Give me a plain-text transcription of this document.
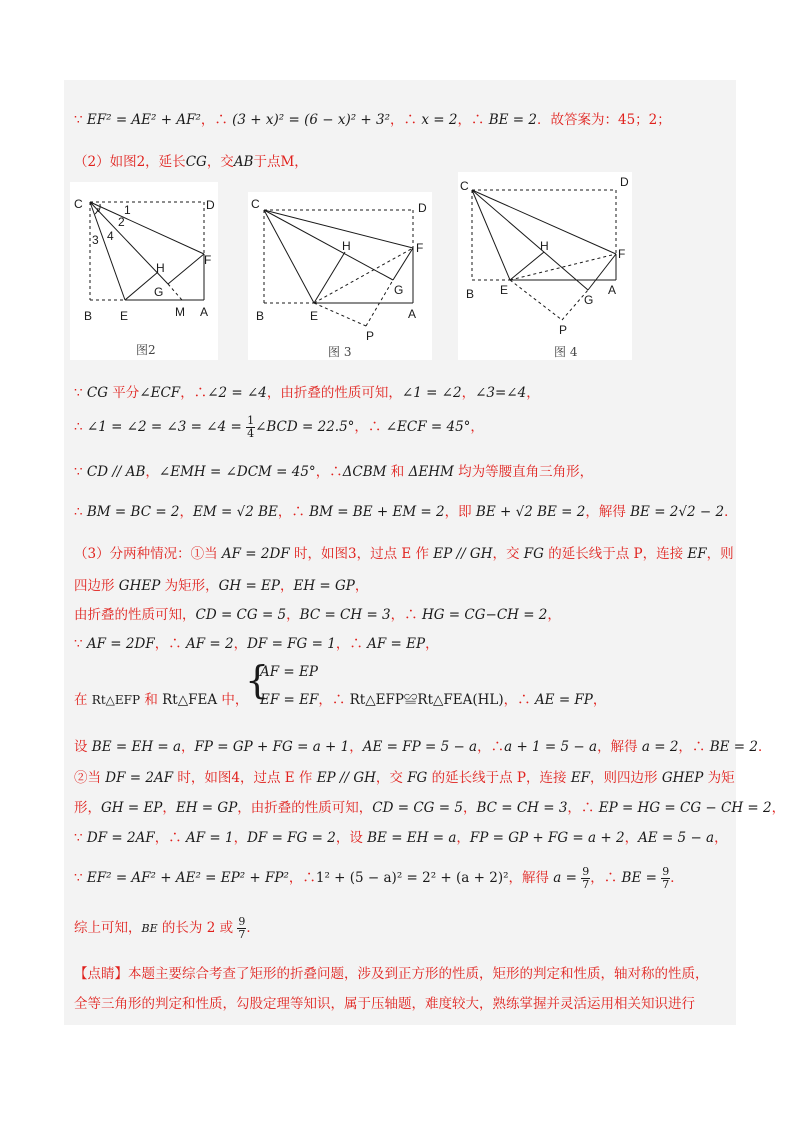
∵ EF² = AE² + AF²，∴ (3 + x)² = (6 − x)² + 3²，∴ x = 2，∴ BE = 2．故答案为：45；2；
（2）如图2，延长CG，交AB于点M，
C	D
B E	M A
F
H
G
1
2
3 4
图2
C	D
B	E	A
F
H
G
P
图 3
C	D
B E	A
F
H
G
P
图 4
∵ CG 平分∠ECF，∴∠2 = ∠4，由折叠的性质可知，∠1 = ∠2，∠3=∠4，
∴ ∠1 = ∠2 = ∠3 = ∠4 = $\frac{1}{4}$ ∠BCD = 22.5°，∴ ∠ECF = 45°，
∵ CD // AB，∠EMH = ∠DCM = 45°，∴ΔCBM 和 ΔEHM 均为等腰直角三角形，
∴ BM = BC = 2，EM = √2 BE，∴ BM = BE + EM = 2，即 BE + √2 BE = 2，解得 BE = 2√2 − 2．
（3）分两种情况：①当 AF = 2DF 时，如图3，过点 E 作 EP // GH，交 FG 的延长线于点 P，连接 EF，则
四边形 GHEP 为矩形，GH = EP，EH = GP，
由折叠的性质可知，CD = CG = 5，BC = CH = 3，∴ HG = CG−CH = 2，
∵ AF = 2DF，∴ AF = 2，DF = FG = 1，∴ AF = EP，
{
AF = EP
在 Rt△EFP 和 Rt△FEA 中， EF = EF，∴ Rt△EFP≌Rt△FEA(HL)，∴ AE = FP，
设 BE = EH = a，FP = GP + FG = a + 1，AE = FP = 5 − a，∴a + 1 = 5 − a，解得 a = 2，∴ BE = 2．
②当 DF = 2AF 时，如图4，过点 E 作 EP // GH，交 FG 的延长线于点 P，连接 EF，则四边形 GHEP 为矩
形，GH = EP，EH = GP，由折叠的性质可知，CD = CG = 5，BC = CH = 3，∴ EP = HG = CG − CH = 2，
∵ DF = 2AF，∴ AF = 1，DF = FG = 2，设 BE = EH = a，FP = GP + FG = a + 2，AE = 5 − a，
∵ EF² = AF² + AE² = EP² + FP²，∴1² + (5 − a)² = 2² + (a + 2)²，解得 $a = \frac{9}{7}$ ，∴ BE = $\frac{9}{7}$ ．
综上可知，BE 的长为 2 或 $\frac{9}{7}$ ．
【点睛】本题主要综合考查了矩形的折叠问题，涉及到正方形的性质，矩形的判定和性质，轴对称的性质，
全等三角形的判定和性质，勾股定理等知识，属于压轴题，难度较大，熟练掌握并灵活运用相关知识进行
